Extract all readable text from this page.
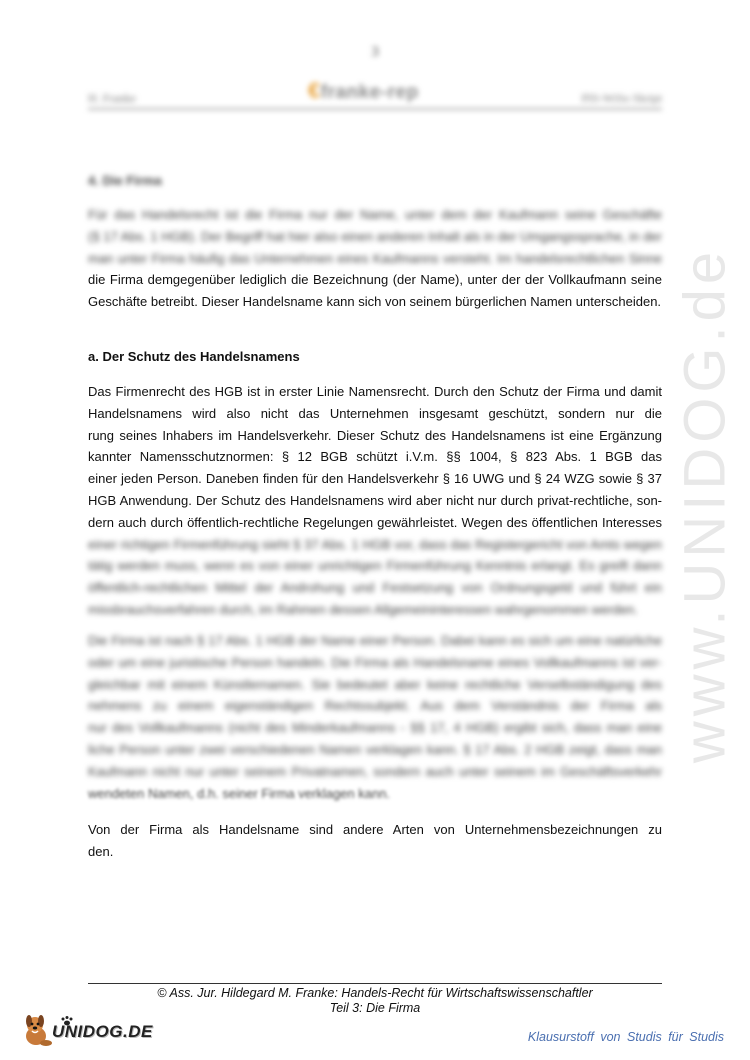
3
H. Franke	€franke-rep	PIS-WiSo Skript
4. Die Firma
Für das Handelsrecht ist die Firma nur der Name, unter dem der Kaufmann seine Geschäfte
(§ 17 Abs. 1 HGB). Der Begriff hat hier also einen anderen Inhalt als in der Umgangssprache, in der
man unter Firma häufig das Unternehmen eines Kaufmanns versteht. Im handelsrechtlichen Sinne
die Firma demgegenüber lediglich die Bezeichnung (der Name), unter der der Vollkaufmann seine
Geschäfte betreibt. Dieser Handelsname kann sich von seinem bürgerlichen Namen unterscheiden.
a. Der Schutz des Handelsnamens
Das Firmenrecht des HGB ist in erster Linie Namensrecht. Durch den Schutz der Firma und damit
Handelsnamens wird also nicht das Unternehmen insgesamt geschützt, sondern nur die
rung seines Inhabers im Handelsverkehr. Dieser Schutz des Handelsnamens ist eine Ergänzung
kannter Namensschutznormen: § 12 BGB schützt i.V.m. §§ 1004, § 823 Abs. 1 BGB das
einer jeden Person. Daneben finden für den Handelsverkehr § 16 UWG und § 24 WZG sowie § 37
HGB Anwendung. Der Schutz des Handelsnamens wird aber nicht nur durch privat-rechtliche, son-
dern auch durch öffentlich-rechtliche Regelungen gewährleistet. Wegen des öffentlichen Interesses
einer richtigen Firmenführung sieht § 37 Abs. 1 HGB vor, dass das Registergericht von Amts wegen
tätig werden muss, wenn es von einer unrichtigen Firmenführung Kenntnis erlangt. Es greift dann
öffentlich-rechtlichen Mittel der Androhung und Festsetzung von Ordnungsgeld und führt ein
missbrauchsverfahren durch, im Rahmen dessen Allgemeininteressen wahrgenommen werden.
Die Firma ist nach § 17 Abs. 1 HGB der Name einer Person. Dabei kann es sich um eine natürliche
oder um eine juristische Person handeln. Die Firma als Handelsname eines Vollkaufmanns ist ver-
gleichbar mit einem Künstlernamen. Sie bedeutet aber keine rechtliche Verselbständigung des
nehmens zu einem eigenständigen Rechtssubjekt. Aus dem Verständnis der Firma als
nur des Vollkaufmanns (nicht des Minderkaufmanns - §§ 17, 4 HGB) ergibt sich, dass man eine
liche Person unter zwei verschiedenen Namen verklagen kann. § 17 Abs. 2 HGB zeigt, dass man
Kaufmann nicht nur unter seinem Privatnamen, sondern auch unter seinem im Geschäftsverkehr
wendeten Namen, d.h. seiner Firma verklagen kann.
Von der Firma als Handelsname sind andere Arten von Unternehmensbezeichnungen zu
den.
www.UNIDOG.de
© Ass. Jur. Hildegard M. Franke: Handels-Recht für Wirtschaftswissenschaftler
Teil 3: Die Firma
UNIDOG.DE	Klausurstoff von Studis für Studis
